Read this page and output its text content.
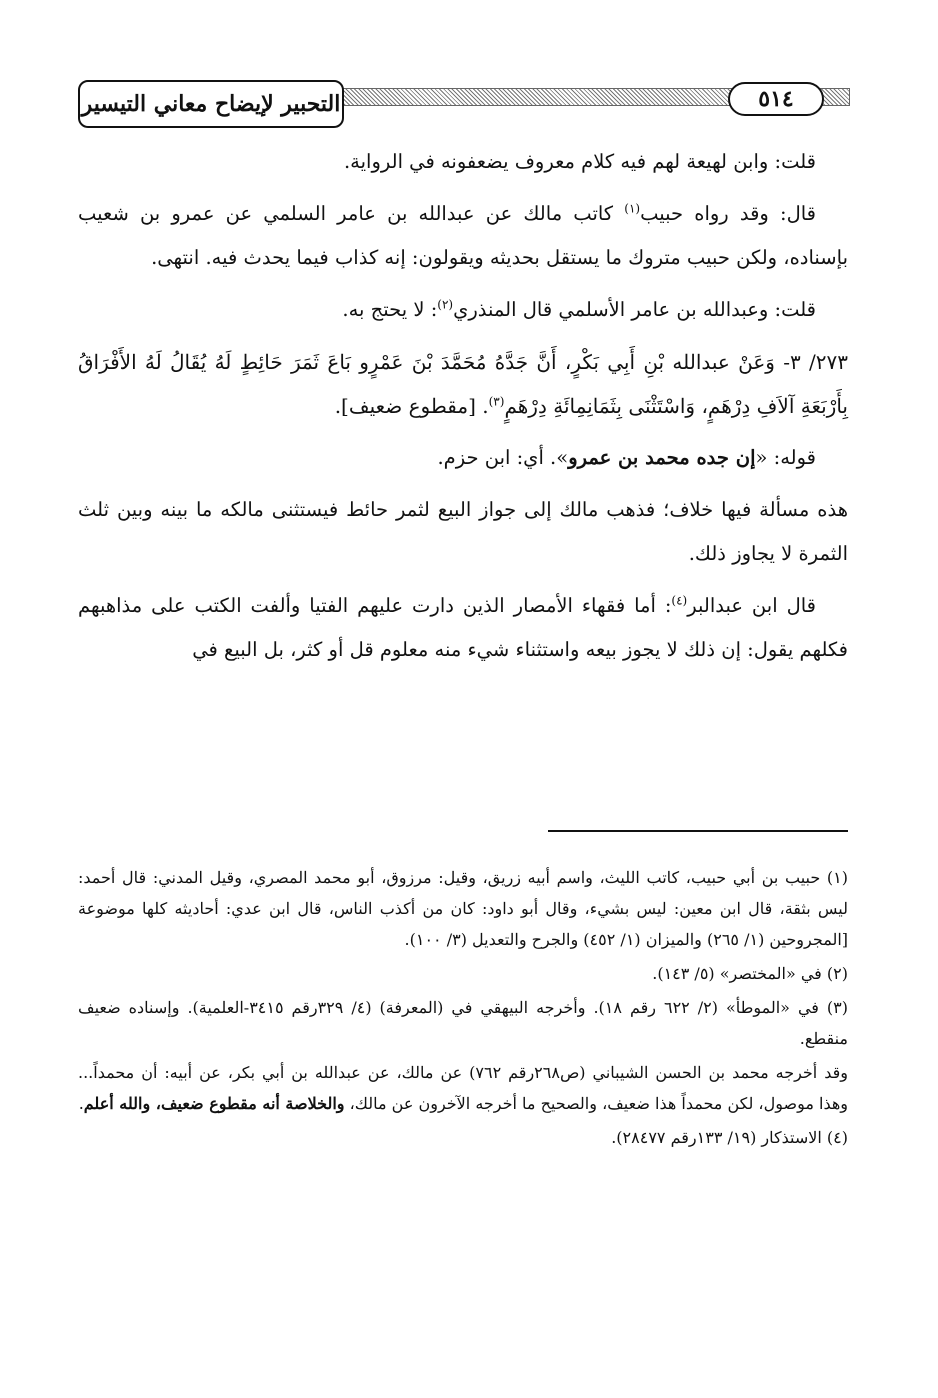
٥١٤
التحبير لإيضاح معاني التيسير

قلت: وابن لهيعة لهم فيه كلام معروف يضعفونه في الرواية.

قال: وقد رواه حبيب$^{(١)}$ كاتب مالك عن عبدالله بن عامر السلمي عن عمرو بن شعيب بإسناده، ولكن حبيب متروك ما يستقل بحديثه ويقولون: إنه كذاب فيما يحدث فيه. انتهى.

قلت: وعبدالله بن عامر الأسلمي قال المنذري$^{(٢)}$: لا يحتج به.

٢٧٣/ ٣- وَعَنْ عبدالله بْنِ أَبِي بَكْرٍ، أَنَّ جَدَّهُ مُحَمَّدَ بْنَ عَمْرٍو بَاعَ ثَمَرَ حَائِطٍ لَهُ يُقَالُ لَهُ الأَفْرَاقُ بِأَرْبَعَةِ آلاَفِ دِرْهَمٍ، وَاسْتَثْنَى بِثَمَانِمِائَةِ دِرْهَمٍ$^{(٣)}$. [مقطوع ضعيف].

قوله: «إن جده محمد بن عمرو». أي: ابن حزم.

هذه مسألة فيها خلاف؛ فذهب مالك إلى جواز البيع لثمر حائط فيستثنى مالكه ما بينه وبين ثلث الثمرة لا يجاوز ذلك.

قال ابن عبدالبر$^{(٤)}$: أما فقهاء الأمصار الذين دارت عليهم الفتيا وألفت الكتب على مذاهبهم فكلهم يقول: إن ذلك لا يجوز بيعه واستثناء شيء منه معلوم قل أو كثر، بل البيع في

(١) حبيب بن أبي حبيب، كاتب الليث، واسم أبيه زريق، وقيل: مرزوق، أبو محمد المصري، وقيل المدني: قال أحمد: ليس بثقة، قال ابن معين: ليس بشيء، وقال أبو داود: كان من أكذب الناس، قال ابن عدي: أحاديثه كلها موضوعة [المجروحين (١/ ٢٦٥) والميزان (١/ ٤٥٢) والجرح والتعديل (٣/ ١٠٠).

(٢) في «المختصر» (٥/ ١٤٣).

(٣) في «الموطأ» (٢/ ٦٢٢ رقم ١٨). وأخرجه البيهقي في (المعرفة) (٤/ ٣٢٩رقم ٣٤١٥-العلمية). وإسناده ضعيف منقطع.

وقد أخرجه محمد بن الحسن الشيباني (ص٢٦٨رقم ٧٦٢) عن مالك، عن عبدالله بن أبي بكر، عن أبيه: أن محمداً... وهذا موصول، لكن محمداً هذا ضعيف، والصحيح ما أخرجه الآخرون عن مالك، والخلاصة أنه مقطوع ضعيف، والله أعلم.

(٤) الاستذكار (١٩/ ١٣٣رقم ٢٨٤٧٧).
